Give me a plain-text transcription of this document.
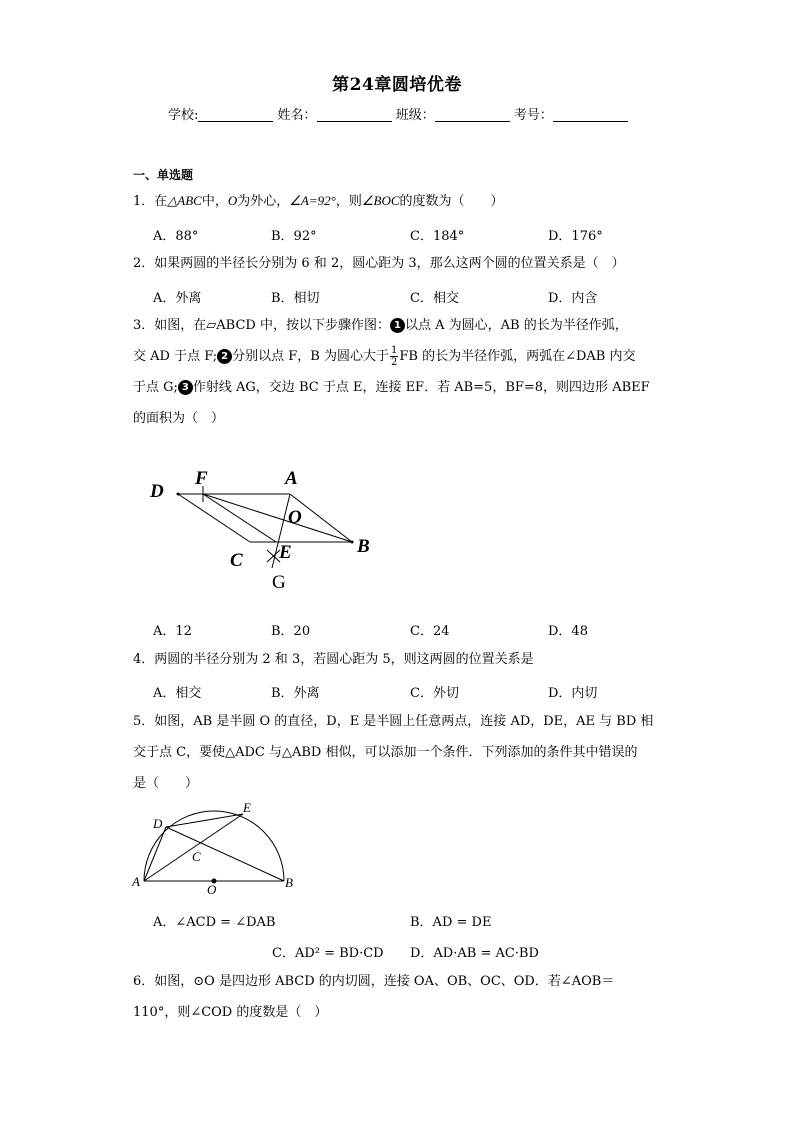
第24章圆培优卷
学校:	姓名：	班级：	考号：
一、单选题
1．在△ABC中，O为外心，∠A=92°，则∠BOC的度数为（　　）
A．88°	B．92°	C．184°	D．176°
2．如果两圆的半径长分别为 6 和 2，圆心距为 3，那么这两个圆的位置关系是（　）
A．外离	B．相切	C．相交	D．内含
3．如图，在▱ABCD 中，按以下步骤作图： 1 以点 A 为圆心，AB 的长为半径作弧，
交 AD 于点 F; 2 分别以点 F，B 为圆心大于 $\frac{1}{2}$ FB 的长为半径作弧，两弧在∠DAB 内交
于点 G; 3 作射线 AG，交边 BC 于点 E，连接 EF．若 AB=5，BF=8，则四边形 ABEF
的面积为（　）
D
F	A
O
B
C E
G
A．12	B．20	C．24	D．48
4．两圆的半径分别为 2 和 3，若圆心距为 5，则这两圆的位置关系是
A．相交	B．外离	C．外切	D．内切
5．如图，AB 是半圆 O 的直径，D，E 是半圆上任意两点，连接 AD，DE，AE 与 BD 相
交于点 C，要使△ADC 与△ABD 相似，可以添加一个条件．下列添加的条件其中错误的
是（　　）
A	B
C
D
E
O
A．∠ACD = ∠DAB	B．AD = DE
C．AD² = BD·CD D．AD·AB = AC·BD
6．如图，⊙O 是四边形 ABCD 的内切圆，连接 OA、OB、OC、OD．若∠AOB＝
110°，则∠COD 的度数是（　）
